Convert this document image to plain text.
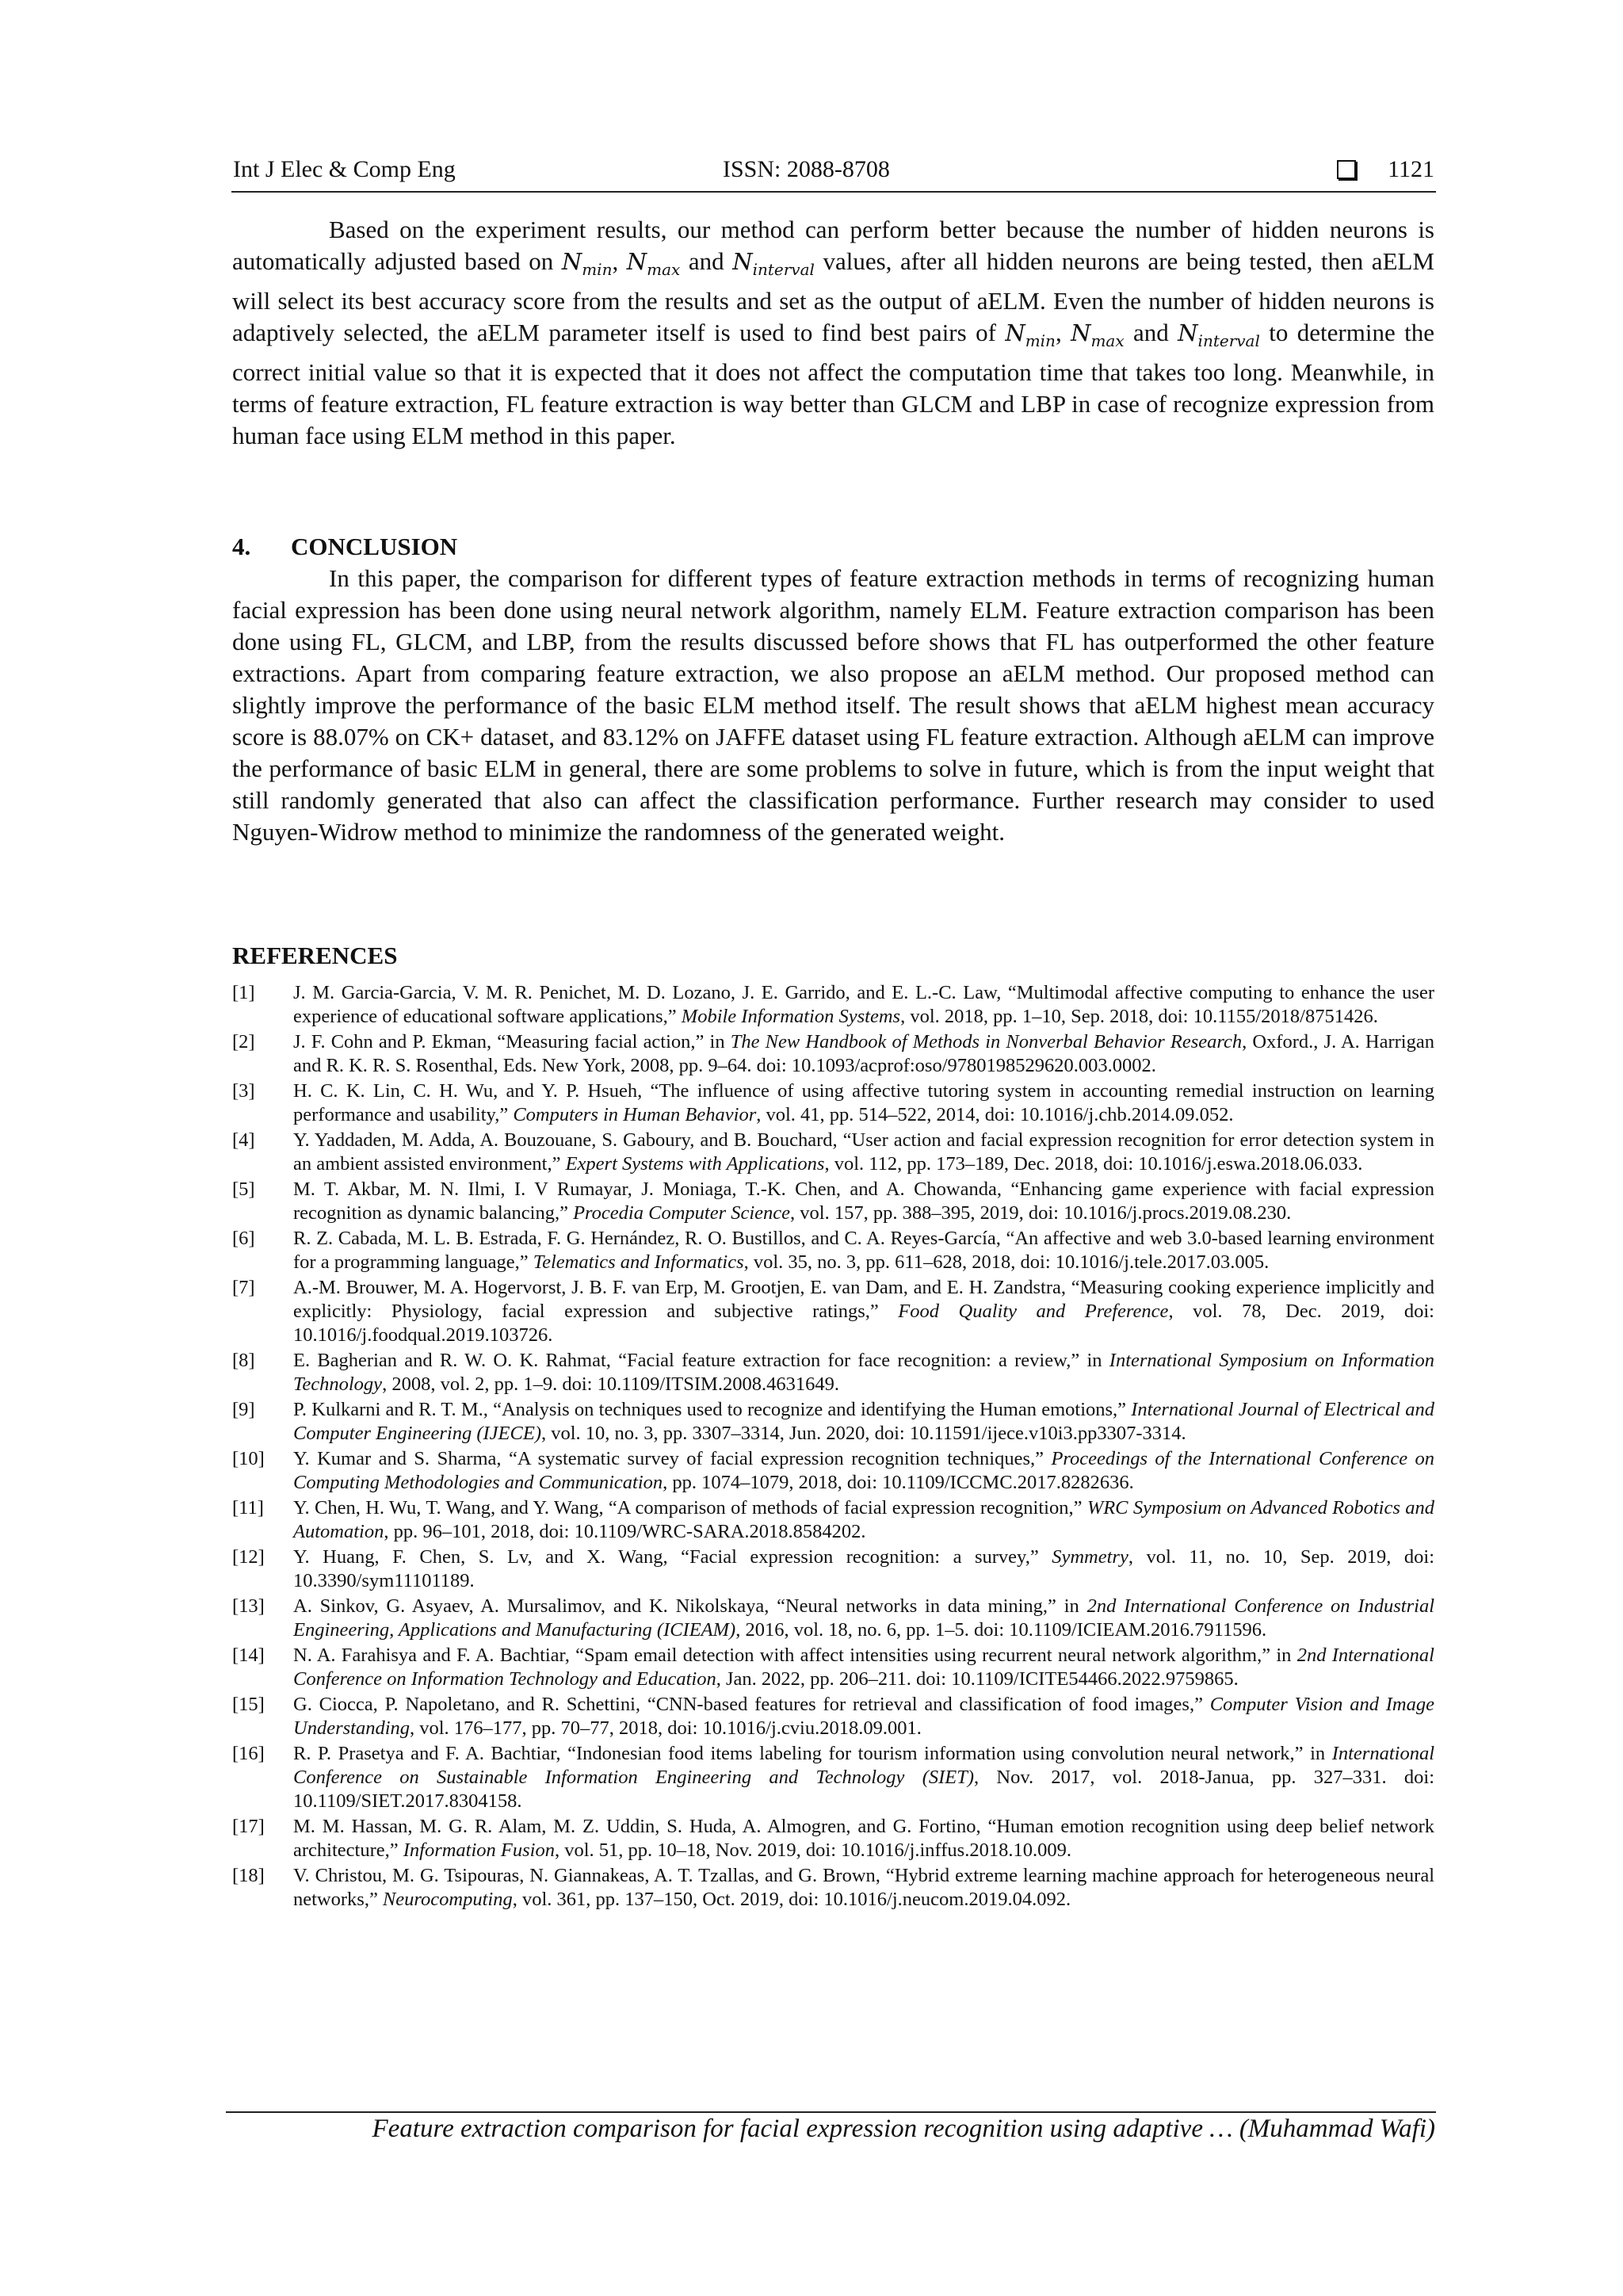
Int J Elec & Comp Eng	ISSN: 2088-8708	1121

Based on the experiment results, our method can perform better because the number of hidden neurons is automatically adjusted based on $N_{min}$, $N_{max}$ and $N_{interval}$ values, after all hidden neurons are being tested, then aELM will select its best accuracy score from the results and set as the output of aELM. Even the number of hidden neurons is adaptively selected, the aELM parameter itself is used to find best pairs of $N_{min}$, $N_{max}$ and $N_{interval}$ to determine the correct initial value so that it is expected that it does not affect the computation time that takes too long. Meanwhile, in terms of feature extraction, FL feature extraction is way better than GLCM and LBP in case of recognize expression from human face using ELM method in this paper.

4. CONCLUSION

In this paper, the comparison for different types of feature extraction methods in terms of recognizing human facial expression has been done using neural network algorithm, namely ELM. Feature extraction comparison has been done using FL, GLCM, and LBP, from the results discussed before shows that FL has outperformed the other feature extractions. Apart from comparing feature extraction, we also propose an aELM method. Our proposed method can slightly improve the performance of the basic ELM method itself. The result shows that aELM highest mean accuracy score is 88.07% on CK+ dataset, and 83.12% on JAFFE dataset using FL feature extraction. Although aELM can improve the performance of basic ELM in general, there are some problems to solve in future, which is from the input weight that still randomly generated that also can affect the classification performance. Further research may consider to used Nguyen-Widrow method to minimize the randomness of the generated weight.

REFERENCES
[1]	J. M. Garcia-Garcia, V. M. R. Penichet, M. D. Lozano, J. E. Garrido, and E. L.-C. Law, “Multimodal affective computing to enhance the user experience of educational software applications,” Mobile Information Systems, vol. 2018, pp. 1–10, Sep. 2018, doi: 10.1155/2018/8751426.
[2]	J. F. Cohn and P. Ekman, “Measuring facial action,” in The New Handbook of Methods in Nonverbal Behavior Research, Oxford., J. A. Harrigan and R. K. R. S. Rosenthal, Eds. New York, 2008, pp. 9–64. doi: 10.1093/acprof:oso/9780198529620.003.0002.
[3]	H. C. K. Lin, C. H. Wu, and Y. P. Hsueh, “The influence of using affective tutoring system in accounting remedial instruction on learning performance and usability,” Computers in Human Behavior, vol. 41, pp. 514–522, 2014, doi: 10.1016/j.chb.2014.09.052.
[4]	Y. Yaddaden, M. Adda, A. Bouzouane, S. Gaboury, and B. Bouchard, “User action and facial expression recognition for error detection system in an ambient assisted environment,” Expert Systems with Applications, vol. 112, pp. 173–189, Dec. 2018, doi: 10.1016/j.eswa.2018.06.033.
[5]	M. T. Akbar, M. N. Ilmi, I. V Rumayar, J. Moniaga, T.-K. Chen, and A. Chowanda, “Enhancing game experience with facial expression recognition as dynamic balancing,” Procedia Computer Science, vol. 157, pp. 388–395, 2019, doi: 10.1016/j.procs.2019.08.230.
[6]	R. Z. Cabada, M. L. B. Estrada, F. G. Hernández, R. O. Bustillos, and C. A. Reyes-García, “An affective and web 3.0-based learning environment for a programming language,” Telematics and Informatics, vol. 35, no. 3, pp. 611–628, 2018, doi: 10.1016/j.tele.2017.03.005.
[7]	A.-M. Brouwer, M. A. Hogervorst, J. B. F. van Erp, M. Grootjen, E. van Dam, and E. H. Zandstra, “Measuring cooking experience implicitly and explicitly: Physiology, facial expression and subjective ratings,” Food Quality and Preference, vol. 78, Dec. 2019, doi: 10.1016/j.foodqual.2019.103726.
[8]	E. Bagherian and R. W. O. K. Rahmat, “Facial feature extraction for face recognition: a review,” in International Symposium on Information Technology, 2008, vol. 2, pp. 1–9. doi: 10.1109/ITSIM.2008.4631649.
[9]	P. Kulkarni and R. T. M., “Analysis on techniques used to recognize and identifying the Human emotions,” International Journal of Electrical and Computer Engineering (IJECE), vol. 10, no. 3, pp. 3307–3314, Jun. 2020, doi: 10.11591/ijece.v10i3.pp3307-3314.
[10]	Y. Kumar and S. Sharma, “A systematic survey of facial expression recognition techniques,” Proceedings of the International Conference on Computing Methodologies and Communication, pp. 1074–1079, 2018, doi: 10.1109/ICCMC.2017.8282636.
[11]	Y. Chen, H. Wu, T. Wang, and Y. Wang, “A comparison of methods of facial expression recognition,” WRC Symposium on Advanced Robotics and Automation, pp. 96–101, 2018, doi: 10.1109/WRC-SARA.2018.8584202.
[12]	Y. Huang, F. Chen, S. Lv, and X. Wang, “Facial expression recognition: a survey,” Symmetry, vol. 11, no. 10, Sep. 2019, doi: 10.3390/sym11101189.
[13]	A. Sinkov, G. Asyaev, A. Mursalimov, and K. Nikolskaya, “Neural networks in data mining,” in 2nd International Conference on Industrial Engineering, Applications and Manufacturing (ICIEAM), 2016, vol. 18, no. 6, pp. 1–5. doi: 10.1109/ICIEAM.2016.7911596.
[14]	N. A. Farahisya and F. A. Bachtiar, “Spam email detection with affect intensities using recurrent neural network algorithm,” in 2nd International Conference on Information Technology and Education, Jan. 2022, pp. 206–211. doi: 10.1109/ICITE54466.2022.9759865.
[15]	G. Ciocca, P. Napoletano, and R. Schettini, “CNN-based features for retrieval and classification of food images,” Computer Vision and Image Understanding, vol. 176–177, pp. 70–77, 2018, doi: 10.1016/j.cviu.2018.09.001.
[16]	R. P. Prasetya and F. A. Bachtiar, “Indonesian food items labeling for tourism information using convolution neural network,” in International Conference on Sustainable Information Engineering and Technology (SIET), Nov. 2017, vol. 2018-Janua, pp. 327–331. doi: 10.1109/SIET.2017.8304158.
[17]	M. M. Hassan, M. G. R. Alam, M. Z. Uddin, S. Huda, A. Almogren, and G. Fortino, “Human emotion recognition using deep belief network architecture,” Information Fusion, vol. 51, pp. 10–18, Nov. 2019, doi: 10.1016/j.inffus.2018.10.009.
[18]	V. Christou, M. G. Tsipouras, N. Giannakeas, A. T. Tzallas, and G. Brown, “Hybrid extreme learning machine approach for heterogeneous neural networks,” Neurocomputing, vol. 361, pp. 137–150, Oct. 2019, doi: 10.1016/j.neucom.2019.04.092.
Feature extraction comparison for facial expression recognition using adaptive … (Muhammad Wafi)
